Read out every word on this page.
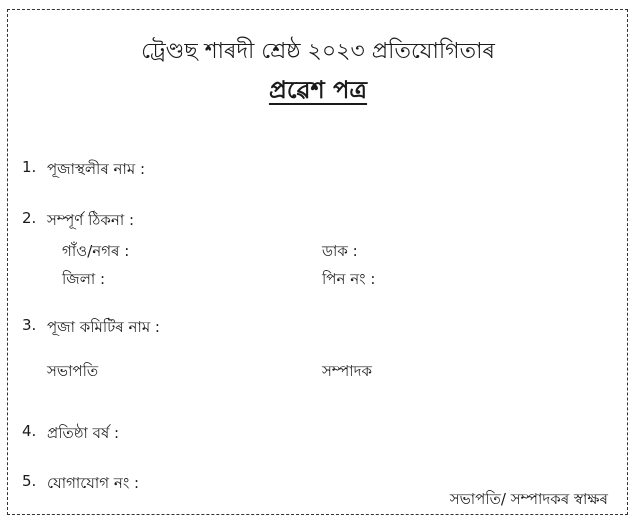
ট্রেণ্ডছ শাৰদী শ্ৰেষ্ঠ ২০২৩ প্ৰতিযোগিতাৰ
প্ৰৱেশ পত্ৰ
1. পূজাস্থলীৰ নাম :
2. সম্পূৰ্ণ ঠিকনা :
গাঁও/নগৰ :	ডাক :
জিলা :	পিন নং :
3. পূজা কমিটিৰ নাম :
সভাপতি	সম্পাদক
4. প্ৰতিষ্ঠা বৰ্ষ :
5. যোগাযোগ নং :
সভাপতি/ সম্পাদকৰ স্বাক্ষৰ
